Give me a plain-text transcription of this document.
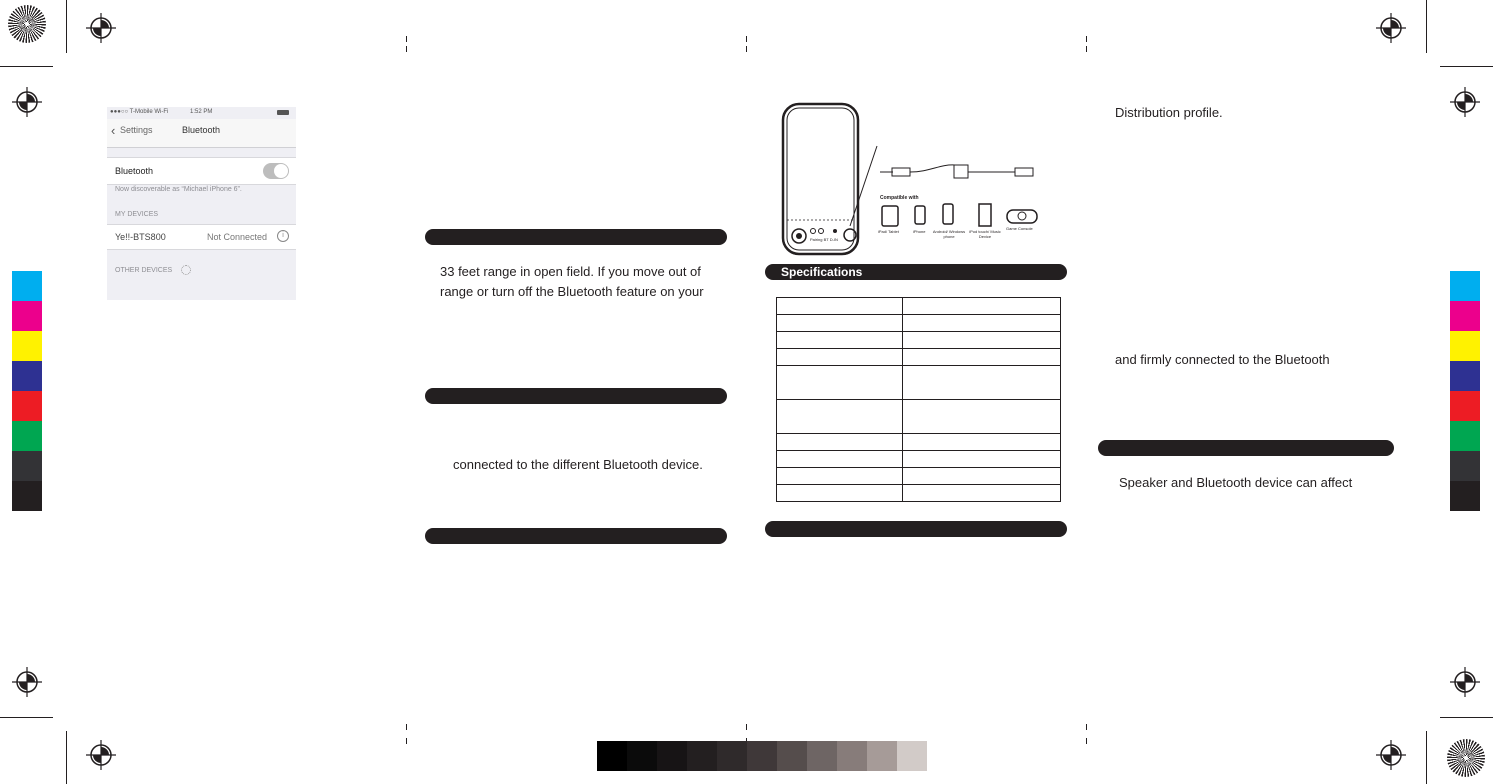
●●●○○ T-Mobile Wi-Fi	1:52 PM
‹ Settings	Bluetooth
Bluetooth
Now discoverable as “Michael iPhone 6”.
MY DEVICES
Ye!!-BTS800	Not Connected	i
OTHER DEVICES	33 feet range in open field. If you move out of
range or turn off the Bluetooth feature on your
connected to the different Bluetooth device.
Compatible with
iPad/ Tablet	iPhone Android/ Windows phone
iPod touch/ Music Device
Game Console
Pairing BT D-IN
Specifications

Distribution profile.
and firmly connected to the Bluetooth
Speaker and Bluetooth device can affect
